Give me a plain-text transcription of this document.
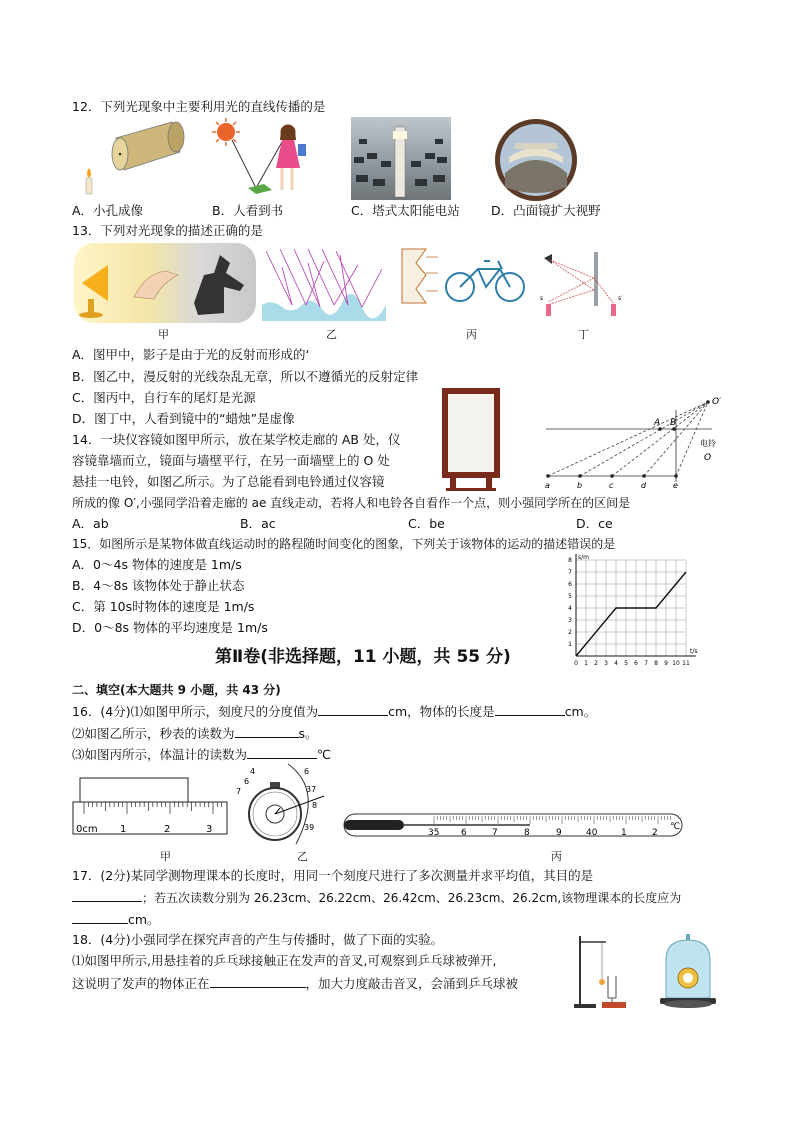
12．下列光现象中主要利用光的直线传播的是
A．小孔成像	B．人看到书	C．塔式太阳能电站	D．凸面镜扩大视野
13．下列对光现象的描述正确的是
s	s′
甲	乙	丙	丁
A．图甲中，影子是由于光的反射而形成的‘
B．图乙中，漫反射的光线杂乱无章，所以不遵循光的反射定律
C．图丙中，自行车的尾灯是光源
D．图丁中，人看到镜中的“蜡烛”是虚像	A B
O′
电铃
O
a	b	c	d	e
14．一块仪容镜如图甲所示，放在某学校走廊的 AB 处，仪
容镜靠墙而立，镜面与墙壁平行，在另一面墙壁上的 O 处
悬挂一电铃，如图乙所示。为了总能看到电铃通过仪容镜
所成的像 O′,小强同学沿着走廊的 ae 直线走动，若将人和电铃各自看作一个点，则小强同学所在的区间是
A．ab	B．ac	C．be	D．ce
15．如图所示是某物体做直线运动时的路程随时间变化的图象，下列关于该物体的运动的描述错误的是
A．0～4s 物体的速度是 1m/s
B．4～8s 该物体处于静止状态
C．第 10s时物体的速度是 1m/s
D．0～8s 物体的平均速度是 1m/s
0 1 2 3 4 5 6 7 8 9 10 11
1
2
3
4
5
6
7
8
t/s
s/m
第Ⅱ卷(非选择题，11 小题，共 55 分)
二、填空(本大题共 9 小题，共 43 分)
16．(4分)⑴如图甲所示，刻度尺的分度值为	cm，物体的长度是	cm。
⑵如图乙所示，秒表的读数为	s。
⑶如图丙所示，体温计的读数为	℃
0cm 1	2	3
6
37
8
39
4
7
6
35 6	7	8	9	40	1	2
℃
甲	乙	丙
17．(2分)某同学测物理课本的长度时，用同一个刻度尺进行了多次测量并求平均值，其目的是
；若五次读数分别为 26.23cm、26.22cm、26.42cm、26.23cm、26.2cm,该物理课本的长度应为
cm。
18．(4分)小强同学在探究声音的产生与传播时，做了下面的实验。
⑴如图甲所示,用悬挂着的乒乓球接触正在发声的音叉,可观察到乒乓球被弹开,
这说明了发声的物体正在	，加大力度敲击音叉，会涌到乒乓球被
